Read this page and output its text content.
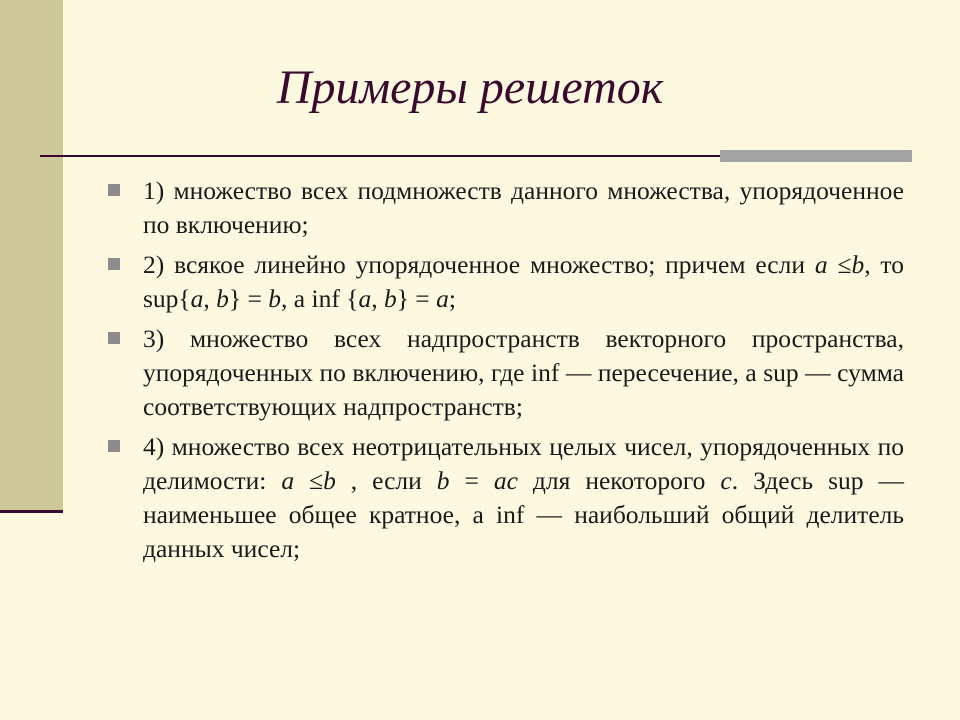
Примеры решеток
1) множество всех подмножеств данного множества, упорядоченное по включению;
2) всякое линейно упорядоченное множество; причем если a ≤b, то sup{a, b} = b, а inf {a, b} = a;
3) множество всех надпространств векторного пространства, упорядоченных по включению, где inf — пересечение, а sup — сумма соответствующих надпространств;
4) множество всех неотрицательных целых чисел, упорядоченных по делимости: a ≤b , если b = ac для некоторого c. Здесь sup — наименьшее общее кратное, а inf — наибольший общий делитель данных чисел;
